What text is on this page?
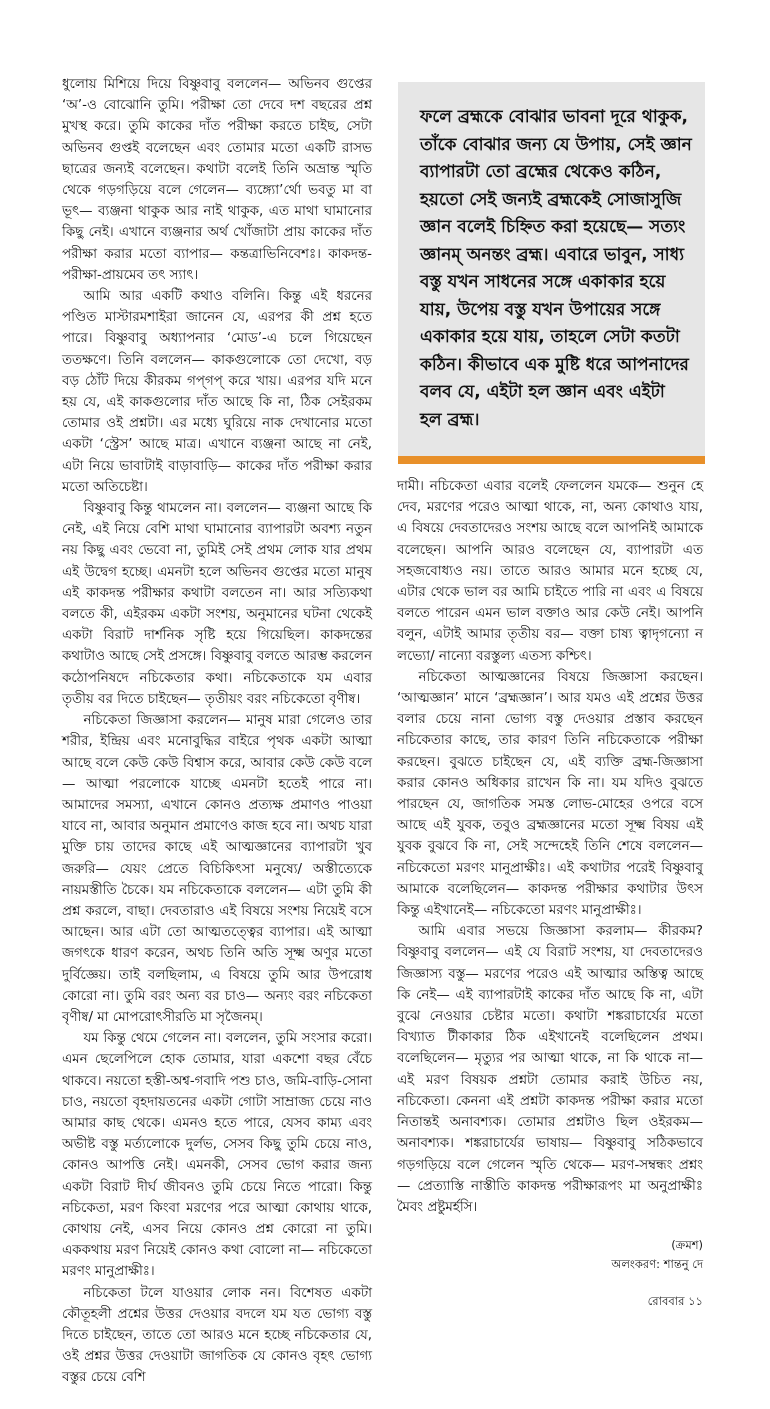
ধুলোয় মিশিয়ে দিয়ে বিষ্ণুবাবু বললেন— অভিনব গুপ্তের ‘অ’-ও বোঝোনি তুমি। পরীক্ষা তো দেবে দশ বছরের প্রশ্ন মুখস্থ করে। তুমি কাকের দাঁত পরীক্ষা করতে চাইছ, সেটা অভিনব গুপ্তই বলেছেন এবং তোমার মতো একটি রাসভ ছাত্রের জন্যই বলেছেন। কথাটা বলেই তিনি অভ্রান্ত স্মৃতি থেকে গড়গড়িয়ে বলে গেলেন— ব্যঙ্গ্যো’র্থো ভবতু মা বা ভূৎ— ব্যঞ্জনা থাকুক আর নাই থাকুক, এত মাথা ঘামানোর কিছু নেই। এখানে ব্যঞ্জনার অর্থ খোঁজাটা প্রায় কাকের দাঁত পরীক্ষা করার মতো ব্যাপার— কন্তত্রাভিনিবেশঃ। কাকদন্ত-পরীক্ষা-প্রায়মেব তৎ স্যাৎ।

আমি আর একটি কথাও বলিনি। কিন্তু এই ধরনের পণ্ডিত মাস্টারমশাইরা জানেন যে, এরপর কী প্রশ্ন হতে পারে। বিষ্ণুবাবু অধ্যাপনার ‘মোড’-এ চলে গিয়েছেন ততক্ষণে। তিনি বললেন— কাকগুলোকে তো দেখো, বড় বড় ঠোঁট দিয়ে কীরকম গপ্‌গপ্‌ করে খায়। এরপর যদি মনে হয় যে, এই কাকগুলোর দাঁত আছে কি না, ঠিক সেইরকম তোমার ওই প্রশ্নটা। এর মধ্যে ঘুরিয়ে নাক দেখানোর মতো একটা ‘স্ট্রেস’ আছে মাত্র। এখানে ব্যঞ্জনা আছে না নেই, এটা নিয়ে ভাবাটাই বাড়াবাড়ি— কাকের দাঁত পরীক্ষা করার মতো অতিচেষ্টা।

বিষ্ণুবাবু কিন্তু থামলেন না। বললেন— ব্যঞ্জনা আছে কি নেই, এই নিয়ে বেশি মাথা ঘামানোর ব্যাপারটা অবশ্য নতুন নয় কিছু এবং ভেবো না, তুমিই সেই প্রথম লোক যার প্রথম এই উদ্বেগ হচ্ছে। এমনটা হলে অভিনব গুপ্তের মতো মানুষ এই কাকদন্ত পরীক্ষার কথাটা বলতেন না। আর সত্যিকথা বলতে কী, এইরকম একটা সংশয়, অনুমানের ঘটনা থেকেই একটা বিরাট দার্শনিক সৃষ্টি হয়ে গিয়েছিল। কাকদন্তের কথাটাও আছে সেই প্রসঙ্গে। বিষ্ণুবাবু বলতে আরম্ভ করলেন কঠোপনিষদে নচিকেতার কথা। নচিকেতাকে যম এবার তৃতীয় বর দিতে চাইছেন— তৃতীয়ং বরং নচিকেতো বৃণীষ্ব।

নচিকেতা জিজ্ঞাসা করলেন— মানুষ মারা গেলেও তার শরীর, ইন্দ্রিয় এবং মনোবুদ্ধির বাইরে পৃথক একটা আত্মা আছে বলে কেউ কেউ বিশ্বাস করে, আবার কেউ কেউ বলে— আত্মা পরলোকে যাচ্ছে এমনটা হতেই পারে না। আমাদের সমস্যা, এখানে কোনও প্রত্যক্ষ প্রমাণও পাওয়া যাবে না, আবার অনুমান প্রমাণেও কাজ হবে না। অথচ যারা মুক্তি চায় তাদের কাছে এই আত্মজ্ঞানের ব্যাপারটা খুব জরুরি— যেয়ং প্রেতে বিচিকিৎসা মনুষ্যে/ অস্তীত্যেকে নায়মস্তীতি চৈকে। যম নচিকেতাকে বললেন— এটা তুমি কী প্রশ্ন করলে, বাছা। দেবতারাও এই বিষয়ে সংশয় নিয়েই বসে আছেন। আর এটা তো আত্মতত্ত্বের ব্যাপার। এই আত্মা জগৎকে ধারণ করেন, অথচ তিনি অতি সূক্ষ্ম অণুর মতো দুর্বিজ্ঞেয়। তাই বলছিলাম, এ বিষয়ে তুমি আর উপরোধ কোরো না। তুমি বরং অন্য বর চাও— অন্যং বরং নচিকেতা বৃণীষ্ব/ মা মোপরোৎসীরতি মা সৃজৈনম্‌।

যম কিন্তু থেমে গেলেন না। বললেন, তুমি সংসার করো। এমন ছেলেপিলে হোক তোমার, যারা একশো বছর বেঁচে থাকবে। নয়তো হস্তী-অশ্ব-গবাদি পশু চাও, জমি-বাড়ি-সোনা চাও, নয়তো বৃহদায়তনের একটা গোটা সাম্রাজ্য চেয়ে নাও আমার কাছ থেকে। এমনও হতে পারে, যেসব কাম্য এবং অভীষ্ট বস্তু মর্ত্যলোকে দুর্লভ, সেসব কিছু তুমি চেয়ে নাও, কোনও আপত্তি নেই। এমনকী, সেসব ভোগ করার জন্য একটা বিরাট দীর্ঘ জীবনও তুমি চেয়ে নিতে পারো। কিন্তু নচিকেতা, মরণ কিংবা মরণের পরে আত্মা কোথায় থাকে, কোথায় নেই, এসব নিয়ে কোনও প্রশ্ন কোরো না তুমি। এককথায় মরণ নিয়েই কোনও কথা বোলো না— নচিকেতো মরণং মানুপ্রাক্ষীঃ।

নচিকেতা টলে যাওয়ার লোক নন। বিশেষত একটা কৌতূহলী প্রশ্নের উত্তর দেওয়ার বদলে যম যত ভোগ্য বস্তু দিতে চাইছেন, তাতে তো আরও মনে হচ্ছে নচিকেতার যে, ওই প্রশ্নর উত্তর দেওয়াটা জাগতিক যে কোনও বৃহৎ ভোগ্য বস্তুর চেয়ে বেশি

ফলে ব্রহ্মকে বোঝার ভাবনা দূরে থাকুক, তাঁকে বোঝার জন্য যে উপায়, সেই জ্ঞান ব্যাপারটা তো ব্রহ্মের থেকেও কঠিন, হয়তো সেই জন্যই ব্রহ্মকেই সোজাসুজি জ্ঞান বলেই চিহ্নিত করা হয়েছে— সত্যং জ্ঞানম্‌ অনন্তং ব্রহ্ম। এবারে ভাবুন, সাধ্য বস্তু যখন সাধনের সঙ্গে একাকার হয়ে যায়, উপেয় বস্তু যখন উপায়ের সঙ্গে একাকার হয়ে যায়, তাহলে সেটা কতটা কঠিন। কীভাবে এক মুষ্টি ধরে আপনাদের বলব যে, এইটা হল জ্ঞান এবং এইটা হল ব্রহ্ম।

দামী। নচিকেতা এবার বলেই ফেললেন যমকে— শুনুন হে দেব, মরণের পরেও আত্মা থাকে, না, অন্য কোথাও যায়, এ বিষয়ে দেবতাদেরও সংশয় আছে বলে আপনিই আমাকে বলেছেন। আপনি আরও বলেছেন যে, ব্যাপারটা এত সহজবোধ্যও নয়। তাতে আরও আমার মনে হচ্ছে যে, এটার থেকে ভাল বর আমি চাইতে পারি না এবং এ বিষয়ে বলতে পারেন এমন ভাল বক্তাও আর কেউ নেই। আপনি বলুন, এটাই আমার তৃতীয় বর— বক্তা চাষ্য ত্বাদৃগন্যো ন লভ্যো/ নান্যো বরস্তুল্য এতস্য কশ্চিৎ।

নচিকেতা আত্মজ্ঞানের বিষয়ে জিজ্ঞাসা করছেন। ‘আত্মজ্ঞান’ মানে ‘ব্রহ্মজ্ঞান’। আর যমও এই প্রশ্নের উত্তর বলার চেয়ে নানা ভোগ্য বস্তু দেওয়ার প্রস্তাব করছেন নচিকেতার কাছে, তার কারণ তিনি নচিকেতাকে পরীক্ষা করছেন। বুঝতে চাইছেন যে, এই ব্যক্তি ব্রহ্ম-জিজ্ঞাসা করার কোনও অধিকার রাখেন কি না। যম যদিও বুঝতে পারছেন যে, জাগতিক সমস্ত লোভ-মোহের ওপরে বসে আছে এই যুবক, তবুও ব্রহ্মজ্ঞানের মতো সূক্ষ্ম বিষয় এই যুবক বুঝবে কি না, সেই সন্দেহেই তিনি শেষে বললেন— নচিকেতো মরণং মানুপ্রাক্ষীঃ। এই কথাটার পরেই বিষ্ণুবাবু আমাকে বলেছিলেন— কাকদন্ত পরীক্ষার কথাটার উৎস কিন্তু এইখানেই— নচিকেতো মরণং মানুপ্রাক্ষীঃ।

আমি এবার সভয়ে জিজ্ঞাসা করলাম— কীরকম? বিষ্ণুবাবু বললেন— এই যে বিরাট সংশয়, যা দেবতাদেরও জিজ্ঞাস্য বস্তু— মরণের পরেও এই আত্মার অস্তিত্ব আছে কি নেই— এই ব্যাপারটাই কাকের দাঁত আছে কি না, এটা বুঝে নেওয়ার চেষ্টার মতো। কথাটা শঙ্করাচার্যের মতো বিখ্যাত টীকাকার ঠিক এইখানেই বলেছিলেন প্রথম। বলেছিলেন— মৃত্যুর পর আত্মা থাকে, না কি থাকে না— এই মরণ বিষয়ক প্রশ্নটা তোমার করাই উচিত নয়, নচিকেতা। কেননা এই প্রশ্নটা কাকদন্ত পরীক্ষা করার মতো নিতান্তই অনাবশ্যক। তোমার প্রশ্নটাও ছিল ওইরকম— অনাবশ্যক। শঙ্করাচার্যের ভাষায়— বিষ্ণুবাবু সঠিকভাবে গড়গড়িয়ে বলে গেলেন স্মৃতি থেকে— মরণ-সম্বন্ধং প্রশ্নং— প্রেত্যাস্তি নাস্তীতি কাকদন্ত পরীক্ষারূপং মা অনুপ্রাক্ষীঃ মৈবং প্রষ্টুমর্হসি।

(ক্রমশ)
অলংকরণ: শান্তনু দে
রোববার ১১
